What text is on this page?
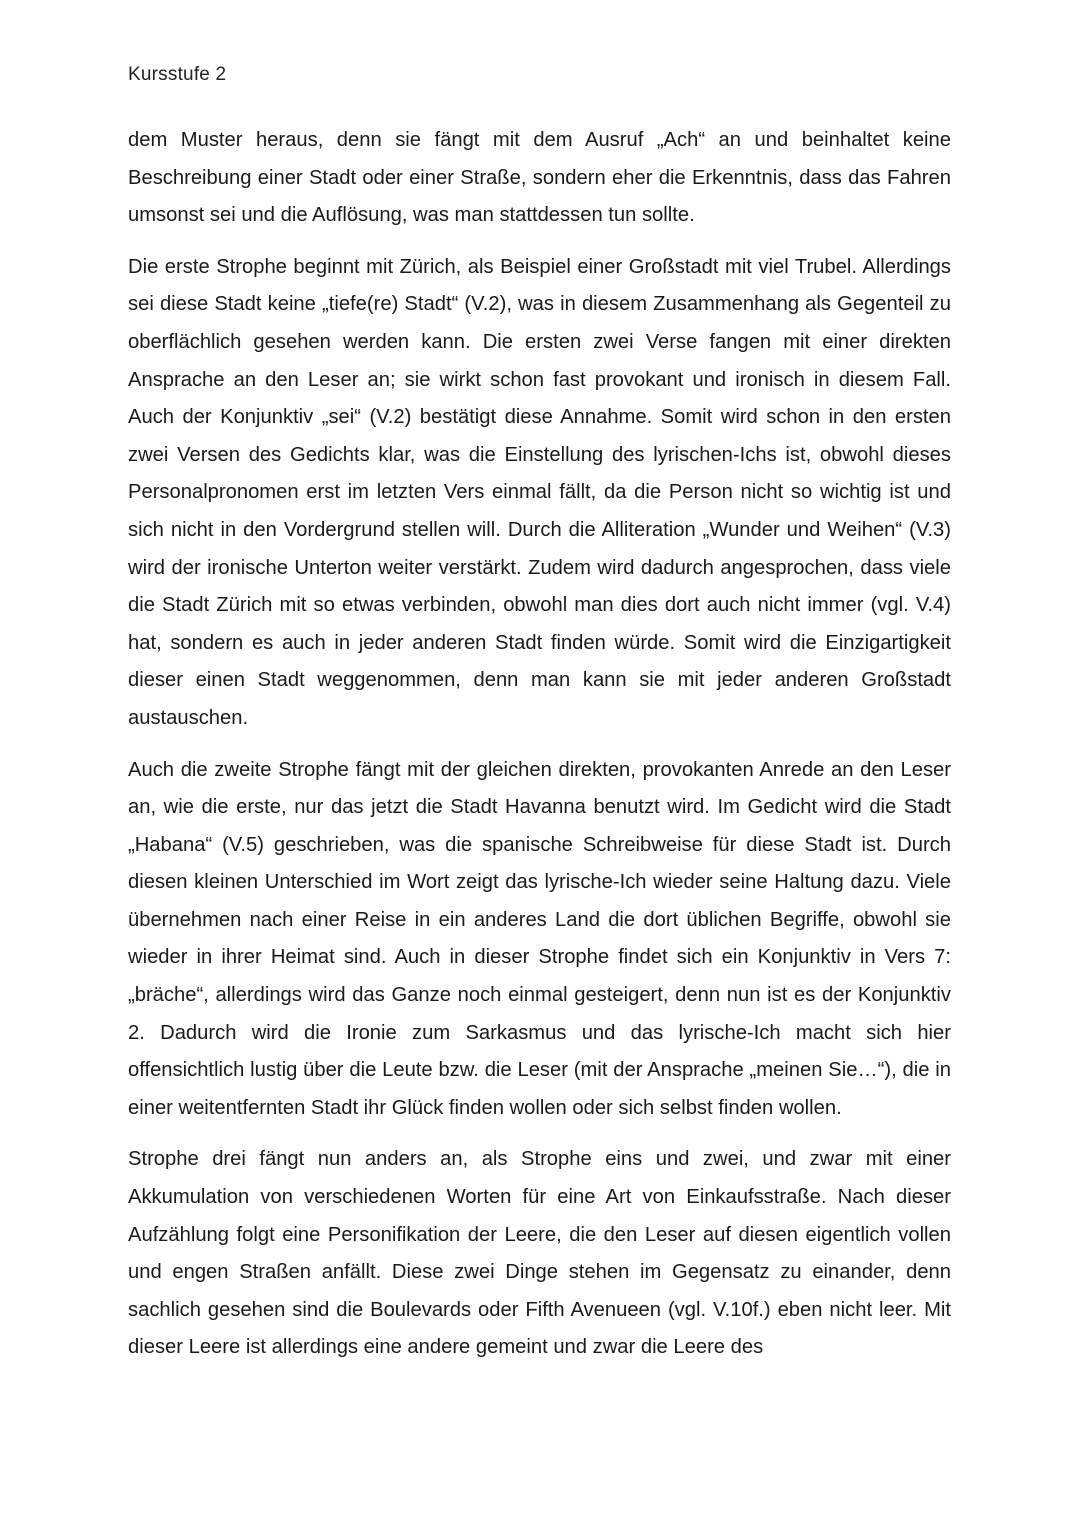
Kursstufe 2

dem Muster heraus, denn sie fängt mit dem Ausruf „Ach“ an und beinhaltet keine Beschreibung einer Stadt oder einer Straße, sondern eher die Erkenntnis, dass das Fahren umsonst sei und die Auflösung, was man stattdessen tun sollte.

Die erste Strophe beginnt mit Zürich, als Beispiel einer Großstadt mit viel Trubel. Allerdings sei diese Stadt keine „tiefe(re) Stadt“ (V.2), was in diesem Zusammenhang als Gegenteil zu oberflächlich gesehen werden kann. Die ersten zwei Verse fangen mit einer direkten Ansprache an den Leser an; sie wirkt schon fast provokant und ironisch in diesem Fall. Auch der Konjunktiv „sei“ (V.2) bestätigt diese Annahme. Somit wird schon in den ersten zwei Versen des Gedichts klar, was die Einstellung des lyrischen-Ichs ist, obwohl dieses Personalpronomen erst im letzten Vers einmal fällt, da die Person nicht so wichtig ist und sich nicht in den Vordergrund stellen will. Durch die Alliteration „Wunder und Weihen“ (V.3) wird der ironische Unterton weiter verstärkt. Zudem wird dadurch angesprochen, dass viele die Stadt Zürich mit so etwas verbinden, obwohl man dies dort auch nicht immer (vgl. V.4) hat, sondern es auch in jeder anderen Stadt finden würde. Somit wird die Einzigartigkeit dieser einen Stadt weggenommen, denn man kann sie mit jeder anderen Großstadt austauschen.

Auch die zweite Strophe fängt mit der gleichen direkten, provokanten Anrede an den Leser an, wie die erste, nur das jetzt die Stadt Havanna benutzt wird. Im Gedicht wird die Stadt „Habana“ (V.5) geschrieben, was die spanische Schreibweise für diese Stadt ist. Durch diesen kleinen Unterschied im Wort zeigt das lyrische-Ich wieder seine Haltung dazu. Viele übernehmen nach einer Reise in ein anderes Land die dort üblichen Begriffe, obwohl sie wieder in ihrer Heimat sind. Auch in dieser Strophe findet sich ein Konjunktiv in Vers 7: „bräche“, allerdings wird das Ganze noch einmal gesteigert, denn nun ist es der Konjunktiv 2. Dadurch wird die Ironie zum Sarkasmus und das lyrische-Ich macht sich hier offensichtlich lustig über die Leute bzw. die Leser (mit der Ansprache „meinen Sie…“), die in einer weitentfernten Stadt ihr Glück finden wollen oder sich selbst finden wollen.

Strophe drei fängt nun anders an, als Strophe eins und zwei, und zwar mit einer Akkumulation von verschiedenen Worten für eine Art von Einkaufsstraße. Nach dieser Aufzählung folgt eine Personifikation der Leere, die den Leser auf diesen eigentlich vollen und engen Straßen anfällt. Diese zwei Dinge stehen im Gegensatz zu einander, denn sachlich gesehen sind die Boulevards oder Fifth Avenueen (vgl. V.10f.) eben nicht leer. Mit dieser Leere ist allerdings eine andere gemeint und zwar die Leere des
